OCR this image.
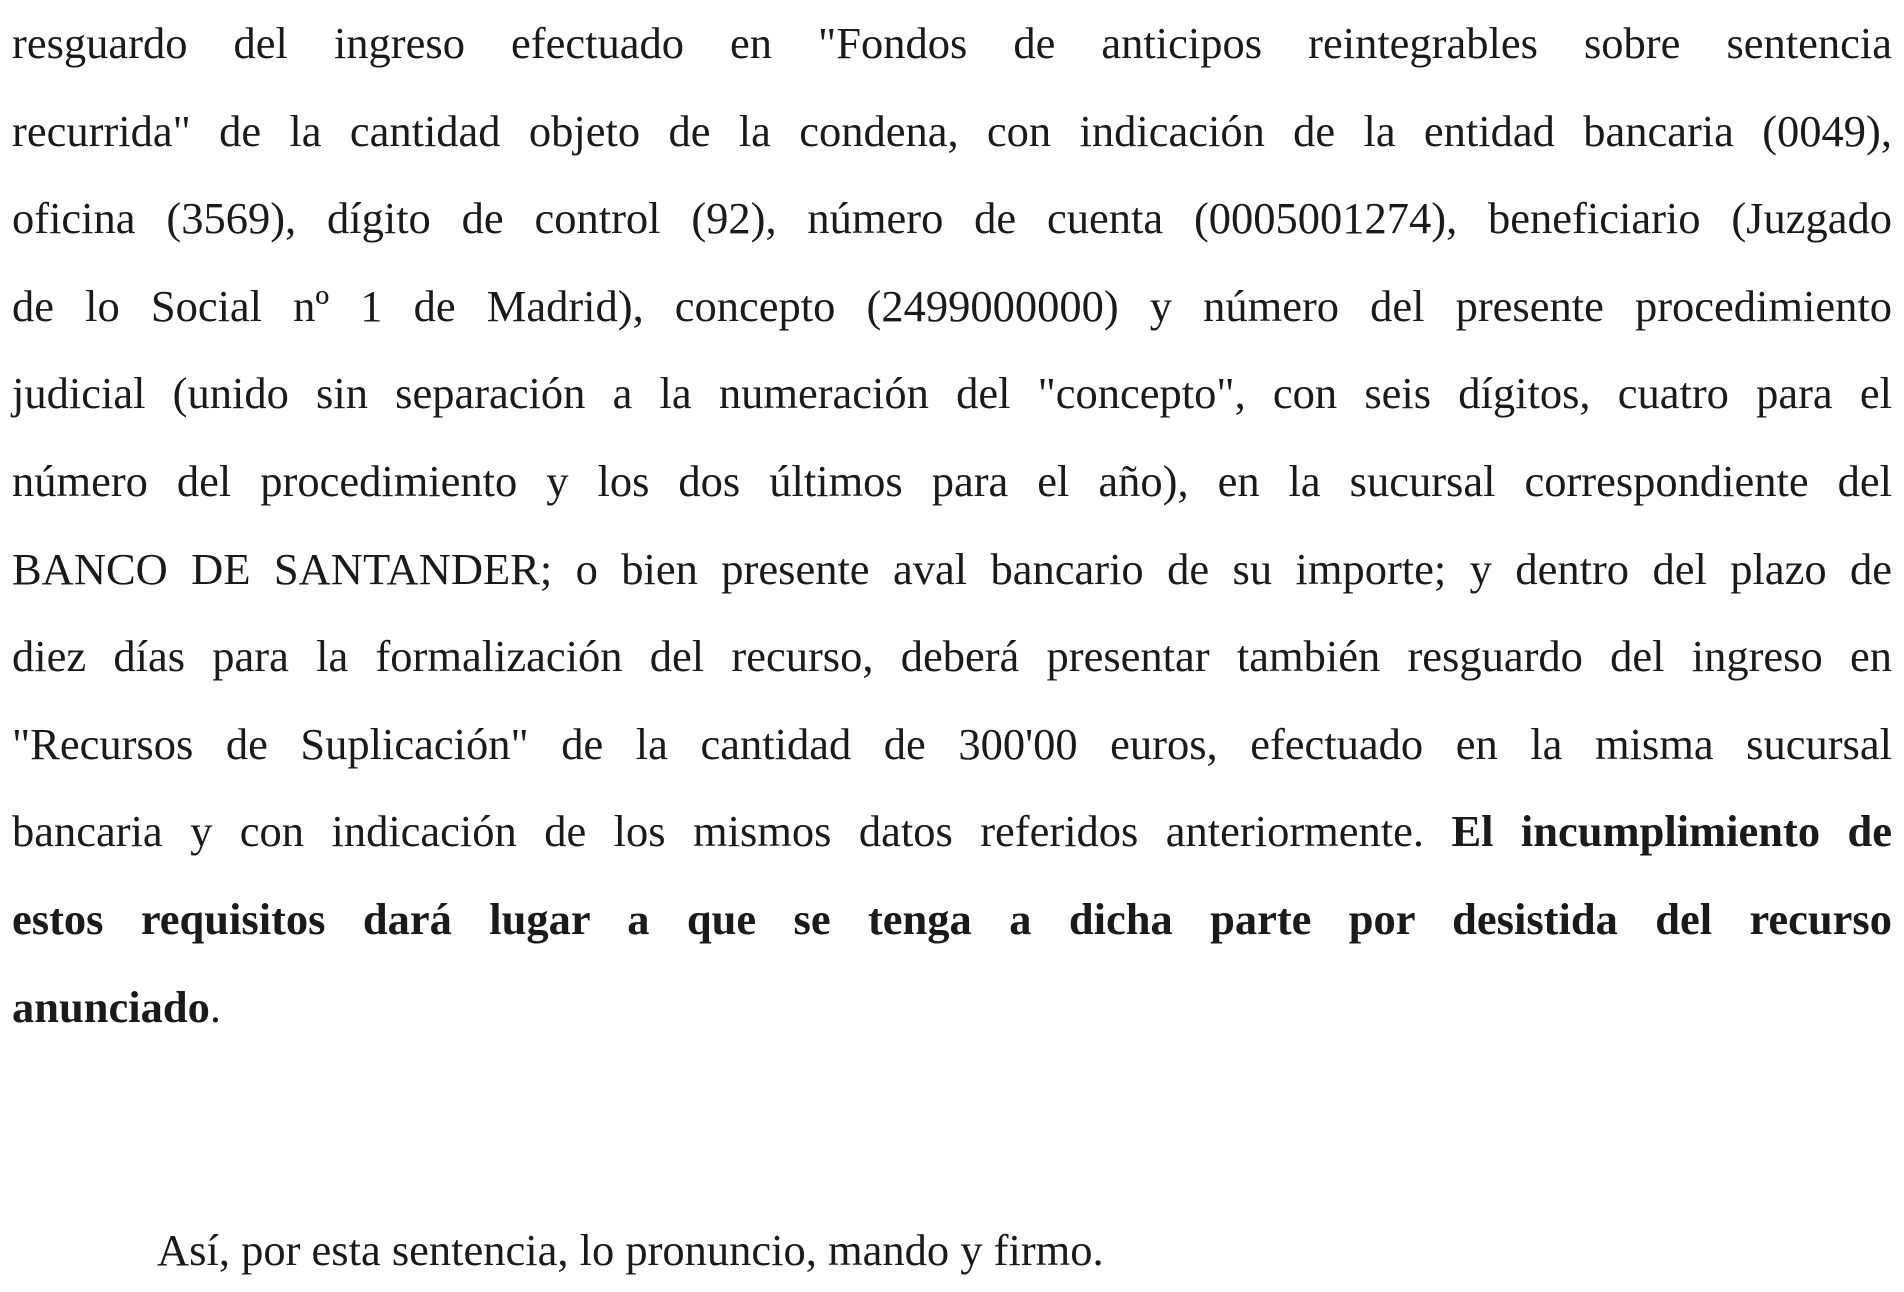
resguardo del ingreso efectuado en "Fondos de anticipos reintegrables sobre sentencia
recurrida" de la cantidad objeto de la condena, con indicación de la entidad bancaria (0049),
oficina (3569), dígito de control (92), número de cuenta (0005001274), beneficiario (Juzgado
de lo Social nº 1 de Madrid), concepto (2499000000) y número del presente procedimiento
judicial (unido sin separación a la numeración del "concepto", con seis dígitos, cuatro para el
número del procedimiento y los dos últimos para el año), en la sucursal correspondiente del
BANCO DE SANTANDER; o bien presente aval bancario de su importe; y dentro del plazo de
diez días para la formalización del recurso, deberá presentar también resguardo del ingreso en
"Recursos de Suplicación" de la cantidad de 300'00 euros, efectuado en la misma sucursal
bancaria y con indicación de los mismos datos referidos anteriormente. El incumplimiento de
estos requisitos dará lugar a que se tenga a dicha parte por desistida del recurso
anunciado.

Así, por esta sentencia, lo pronuncio, mando y firmo.
